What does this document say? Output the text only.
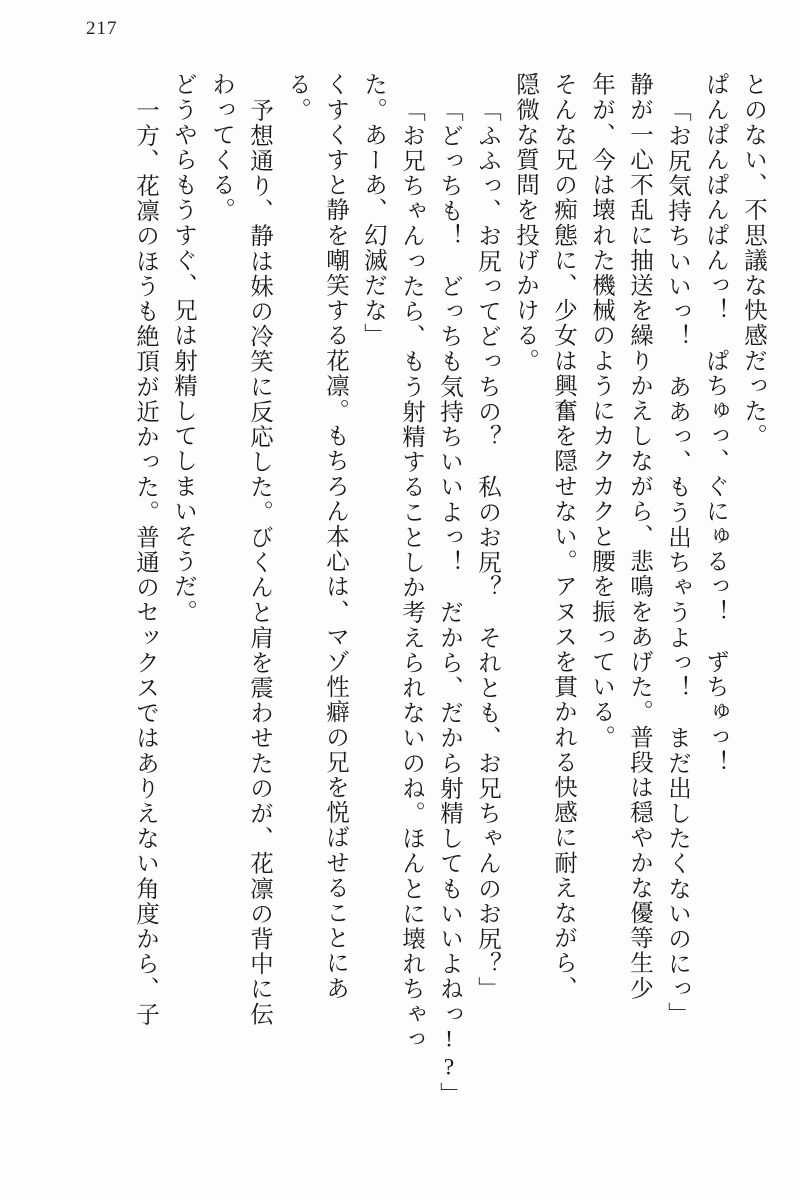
217
とのない、不思議な快感だった。
ぱんぱんぱんぱんっ！　ぱちゅっ、ぐにゅるっ！　ずちゅっ！
「お尻気持ちいいっ！　ああっ、もう出ちゃうよっ！　まだ出したくないのにっ」
静が一心不乱に抽送を繰りかえしながら、悲鳴をあげた。普段は穏やかな優等生少
年が、今は壊れた機械のようにカクカクと腰を振っている。
そんな兄の痴態に、少女は興奮を隠せない。アヌスを貫かれる快感に耐えながら、
隠微な質問を投げかける。
「ふふっ、お尻ってどっちの？　私のお尻？　それとも、お兄ちゃんのお尻？」
「どっちも！　どっちも気持ちいいよっ！　だから、だから射精してもいいよねっ!?」
「お兄ちゃんったら、もう射精することしか考えられないのね。ほんとに壊れちゃっ
た。あーあ、幻滅だな」
くすくすと静を嘲笑する花凛。もちろん本心は、マゾ性癖の兄を悦ばせることにあ
る。
予想通り、静は妹の冷笑に反応した。びくんと肩を震わせたのが、花凛の背中に伝
わってくる。
どうやらもうすぐ、兄は射精してしまいそうだ。
一方、花凛のほうも絶頂が近かった。普通のセックスではありえない角度から、子
